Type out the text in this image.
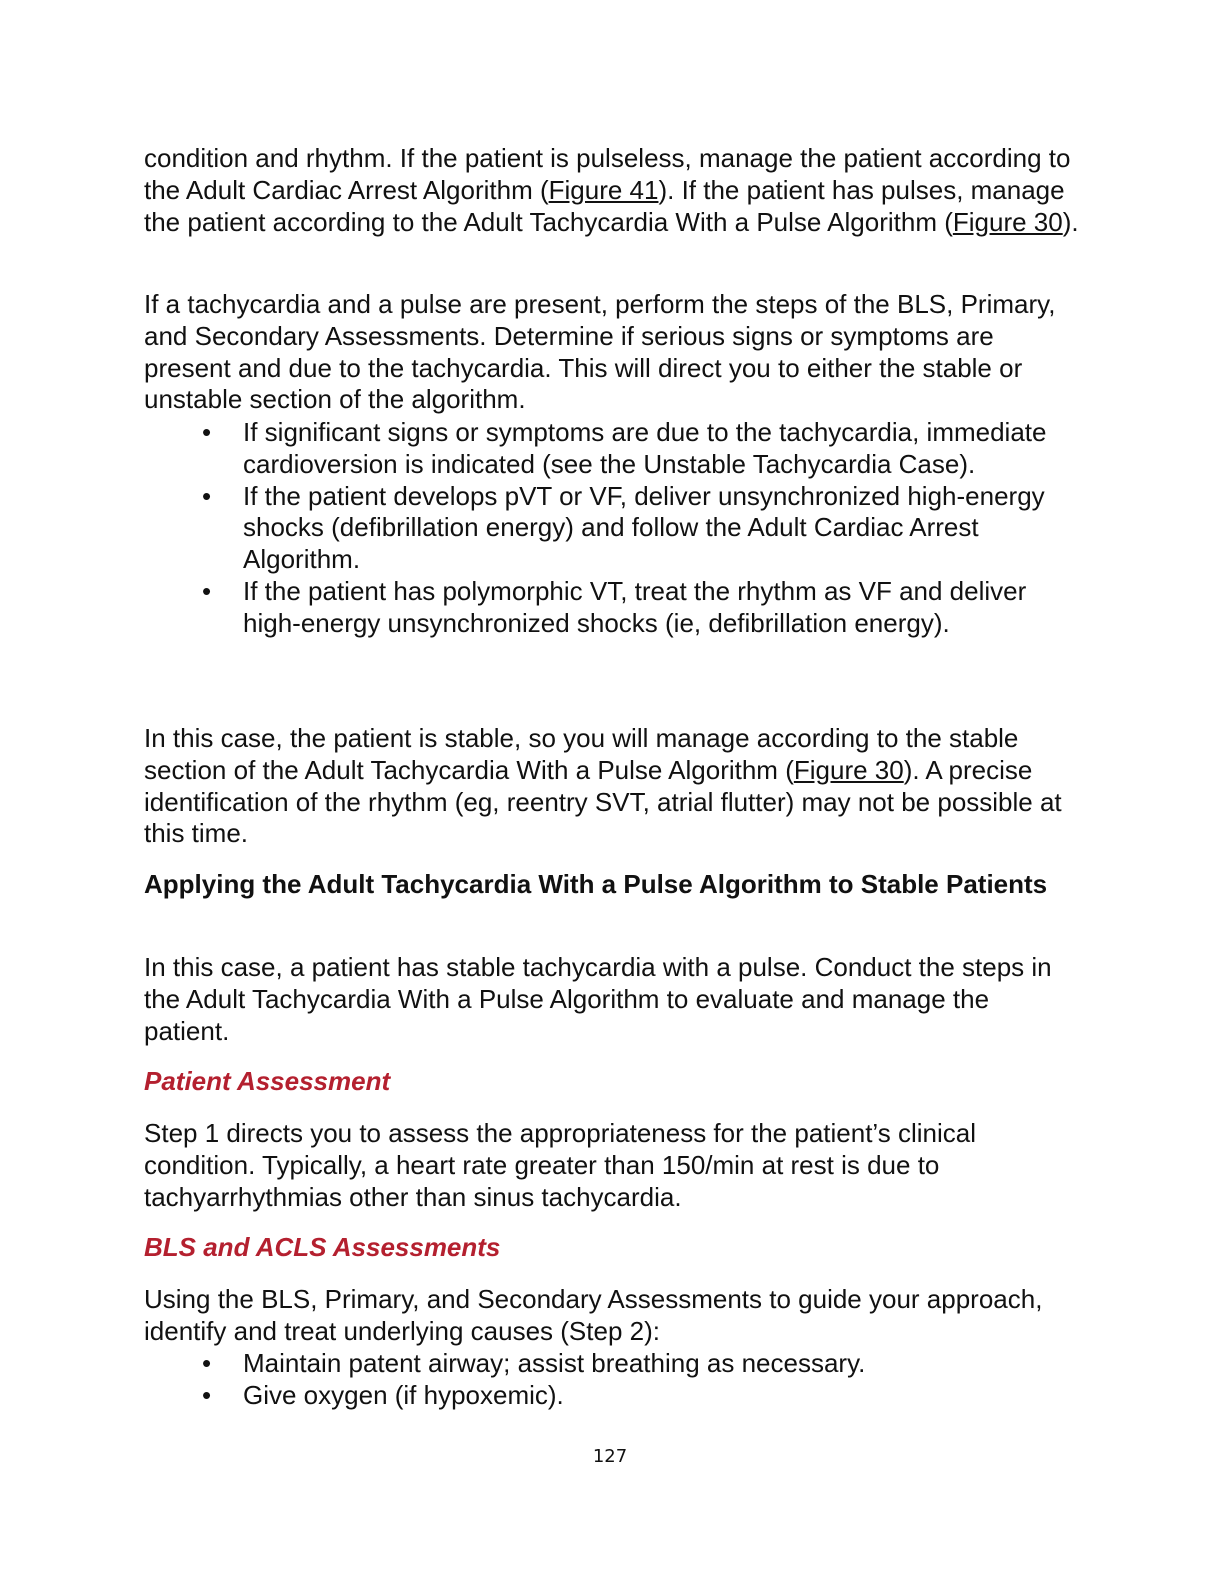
condition and rhythm. If the patient is pulseless, manage the patient according to the Adult Cardiac Arrest Algorithm (Figure 41). If the patient has pulses, manage the patient according to the Adult Tachycardia With a Pulse Algorithm (Figure 30).

If a tachycardia and a pulse are present, perform the steps of the BLS, Primary, and Secondary Assessments. Determine if serious signs or symptoms are present and due to the tachycardia. This will direct you to either the stable or unstable section of the algorithm.

• If significant signs or symptoms are due to the tachycardia, immediate cardioversion is indicated (see the Unstable Tachycardia Case).
• If the patient develops pVT or VF, deliver unsynchronized high-energy shocks (defibrillation energy) and follow the Adult Cardiac Arrest Algorithm.
• If the patient has polymorphic VT, treat the rhythm as VF and deliver high-energy unsynchronized shocks (ie, defibrillation energy).

In this case, the patient is stable, so you will manage according to the stable section of the Adult Tachycardia With a Pulse Algorithm (Figure 30). A precise identification of the rhythm (eg, reentry SVT, atrial flutter) may not be possible at this time.

Applying the Adult Tachycardia With a Pulse Algorithm to Stable Patients

In this case, a patient has stable tachycardia with a pulse. Conduct the steps in the Adult Tachycardia With a Pulse Algorithm to evaluate and manage the patient.

Patient Assessment

Step 1 directs you to assess the appropriateness for the patient’s clinical condition. Typically, a heart rate greater than 150/min at rest is due to tachyarrhythmias other than sinus tachycardia.

BLS and ACLS Assessments

Using the BLS, Primary, and Secondary Assessments to guide your approach, identify and treat underlying causes (Step 2):

• Maintain patent airway; assist breathing as necessary.
• Give oxygen (if hypoxemic).
127
